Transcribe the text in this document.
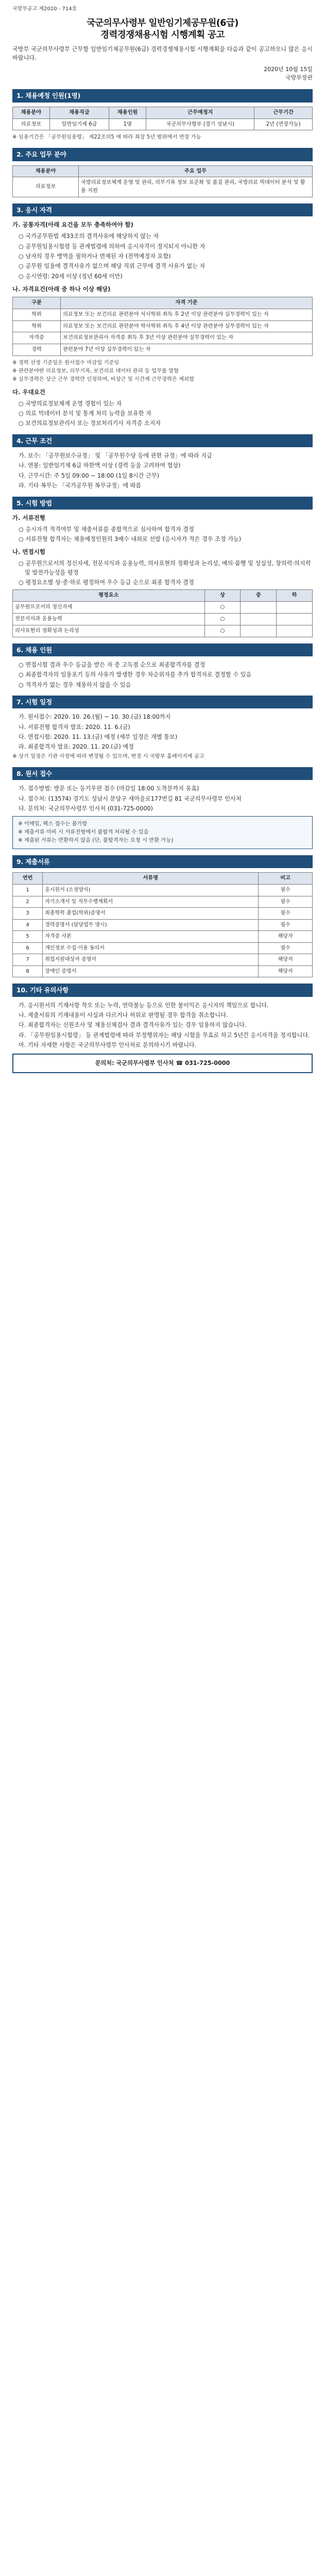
국방부공고 제2020 - 714호
국군의무사령부 일반임기제공무원(6급)
경력경쟁채용시험 시행계획 공고

국방부 국군의무사령부 근무할 일반임기제공무원(6급) 경력경쟁채용시험 시행계획을 다음과 같이 공고하오니 많은 응시 바랍니다.

2020년 10월 15일
국방부장관
1. 채용예정 인원(1명)
채용분야	채용직급	채용인원	근무예정지	근무기간
의료정보	일반임기제 6급	1명	국군의무사령부 (경기 성남시)	2년 (연장가능)

※ 임용기간은 「공무원임용령」 제22조의5 에 따라 최장 5년 범위에서 연장 가능

2. 주요 업무 분야
채용분야	주요 업무
의료정보	국방의료정보체계 운영 및 관리, 의무기록 정보 표준화 및 품질 관리, 국방의료 빅데이터 분석 및 활용 지원
3. 응시 자격
가. 공통자격(아래 요건을 모두 충족하여야 함)
○ 국가공무원법 제33조의 결격사유에 해당하지 않는 자
○ 공무원임용시험령 등 관계법령에 의하여 응시자격이 정지되지 아니한 자
○ 남자의 경우 병역을 필하거나 면제된 자 (전역예정자 포함)
○ 공무원 임용에 결격사유가 없으며 해당 직위 근무에 결격 사유가 없는 자
○ 응시연령: 20세 이상 (정년 60세 미만)
나. 자격요건(아래 중 하나 이상 해당)
구분	자격 기준
학위	의료정보 또는 보건의료 관련분야 석사학위 취득 후 2년 이상 관련분야 실무경력이 있는 자
학위	의료정보 또는 보건의료 관련분야 학사학위 취득 후 4년 이상 관련분야 실무경력이 있는 자
자격증	보건의료정보관리사 자격증 취득 후 3년 이상 관련분야 실무경력이 있는 자
경력	관련분야 7년 이상 실무경력이 있는 자

※ 경력 산정 기준일은 원서접수 마감일 기준임

※ 관련분야란 의료정보, 의무기록, 보건의료 데이터 관리 등 업무를 말함

※ 실무경력은 상근 근무 경력만 인정하며, 비상근 및 시간제 근무경력은 제외함

다. 우대요건
○ 국방의료정보체계 운영 경험이 있는 자
○ 의료 빅데이터 분석 및 통계 처리 능력을 보유한 자
○ 보건의료정보관리사 또는 정보처리기사 자격증 소지자
4. 근무 조건
가. 보수: 「공무원보수규정」 및 「공무원수당 등에 관한 규정」에 따라 지급
나. 연봉: 일반임기제 6급 하한액 이상 (경력 등을 고려하여 협상)
다. 근무시간: 주 5일 09:00 ~ 18:00 (1일 8시간 근무)
라. 기타 복무는 「국가공무원 복무규정」에 따름
5. 시험 방법
가. 서류전형
○ 응시자격 적격여부 및 제출서류를 종합적으로 심사하여 합격자 결정
○ 서류전형 합격자는 채용예정인원의 3배수 내외로 선발 (응시자가 적은 경우 조정 가능)
나. 면접시험
○ 공무원으로서의 정신자세, 전문지식과 응용능력, 의사표현의 정확성과 논리성, 예의·품행 및 성실성, 창의력·의지력 및 발전가능성을 평정
○ 평정요소별 상·중·하로 평정하여 우수 등급 순으로 최종 합격자 결정
평정요소	상	중	하
공무원으로서의 정신자세	○		
전문지식과 응용능력	○		
의사표현의 정확성과 논리성	○		
6. 채용 인원
○ 면접시험 결과 우수 등급을 받은 자 중 고득점 순으로 최종합격자를 결정
○ 최종합격자의 임용포기 등의 사유가 발생한 경우 차순위자를 추가 합격자로 결정할 수 있음
○ 적격자가 없는 경우 채용하지 않을 수 있음
7. 시험 일정
가. 원서접수: 2020. 10. 26.(월) ~ 10. 30.(금) 18:00까지
나. 서류전형 합격자 발표: 2020. 11. 6.(금)
다. 면접시험: 2020. 11. 13.(금) 예정 (세부 일정은 개별 통보)
라. 최종합격자 발표: 2020. 11. 20.(금) 예정

※ 상기 일정은 기관 사정에 따라 변경될 수 있으며, 변경 시 국방부 홈페이지에 공고

8. 원서 접수
가. 접수방법: 방문 또는 등기우편 접수 (마감일 18:00 도착분까지 유효)
나. 접수처: (13574) 경기도 성남시 분당구 새마을로177번길 81 국군의무사령부 인사처
다. 문의처: 국군의무사령부 인사처 (031-725-0000)

※ 이메일, 팩스 접수는 불가함

※ 제출서류 미비 시 서류전형에서 불합격 처리될 수 있음

※ 제출된 서류는 반환하지 않음 (단, 불합격자는 요청 시 반환 가능)

9. 제출서류
연번	서류명	비고
1	응시원서 (소정양식)	필수
2	자기소개서 및 직무수행계획서	필수
3	최종학력 졸업(학위)증명서	필수
4	경력증명서 (담당업무 명시)	필수
5	자격증 사본	해당자
6	개인정보 수집·이용 동의서	필수
7	취업지원대상자 증명서	해당자
8	장애인 증명서	해당자
10. 기타 유의사항
가. 응시원서의 기재사항 착오 또는 누락, 연락불능 등으로 인한 불이익은 응시자의 책임으로 합니다.
나. 제출서류의 기재내용이 사실과 다르거나 허위로 판명될 경우 합격을 취소합니다.
다. 최종합격자는 신원조사 및 채용신체검사 결과 결격사유가 있는 경우 임용하지 않습니다.
라. 「공무원임용시험령」 등 관계법령에 따라 부정행위자는 해당 시험을 무효로 하고 5년간 응시자격을 정지합니다.
마. 기타 자세한 사항은 국군의무사령부 인사처로 문의하시기 바랍니다.
문의처: 국군의무사령부 인사처 ☎ 031-725-0000
